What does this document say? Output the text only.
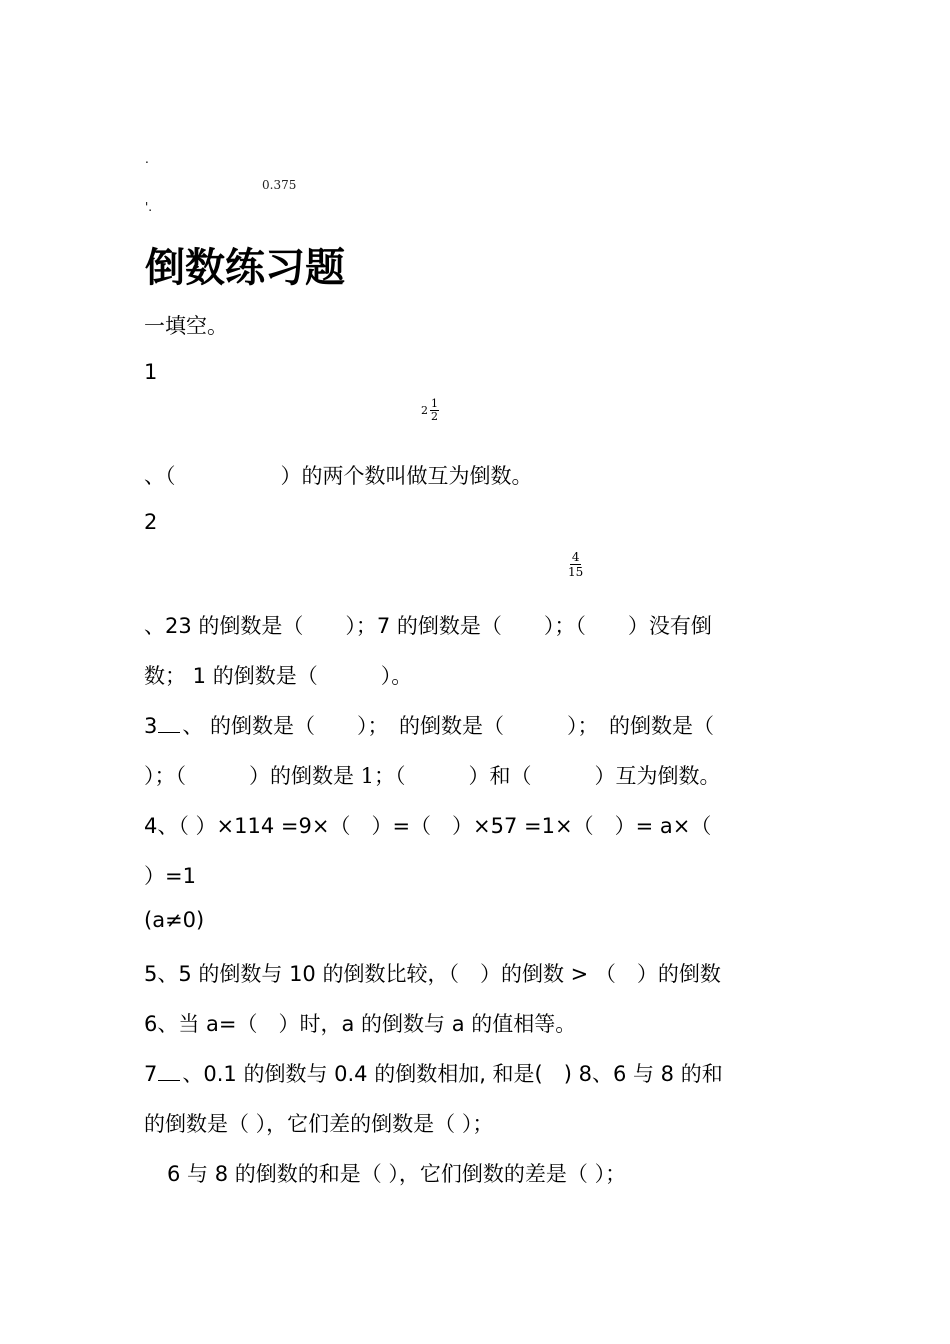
.
0.375
'.
倒数练习题
一填空。
1
$2 \frac{1}{2}$
、（　　　　　）的两个数叫做互为倒数。
2
$\frac{4}{15}$
、23 的倒数是（　　）；7 的倒数是（　　）；（　　）没有倒
数； 1 的倒数是（　　　）。
3 、 的倒数是（　　）；　的倒数是（　　　）；　的倒数是（
）；（　　　）的倒数是 1；（　　　）和（　　　）互为倒数。
4、（ ）×114 =9×（　）=（　）×57 =1×（　）= a×（
）=1
(a≠0)
5、5 的倒数与 10 的倒数比较，（　）的倒数 > （　）的倒数
6、当 a=（　）时，a 的倒数与 a 的值相等。
7 、0.1 的倒数与 0.4 的倒数相加, 和是(　) 8、6 与 8 的和
的倒数是（ ），它们差的倒数是（ ）；
6 与 8 的倒数的和是（ ），它们倒数的差是（ ）；
